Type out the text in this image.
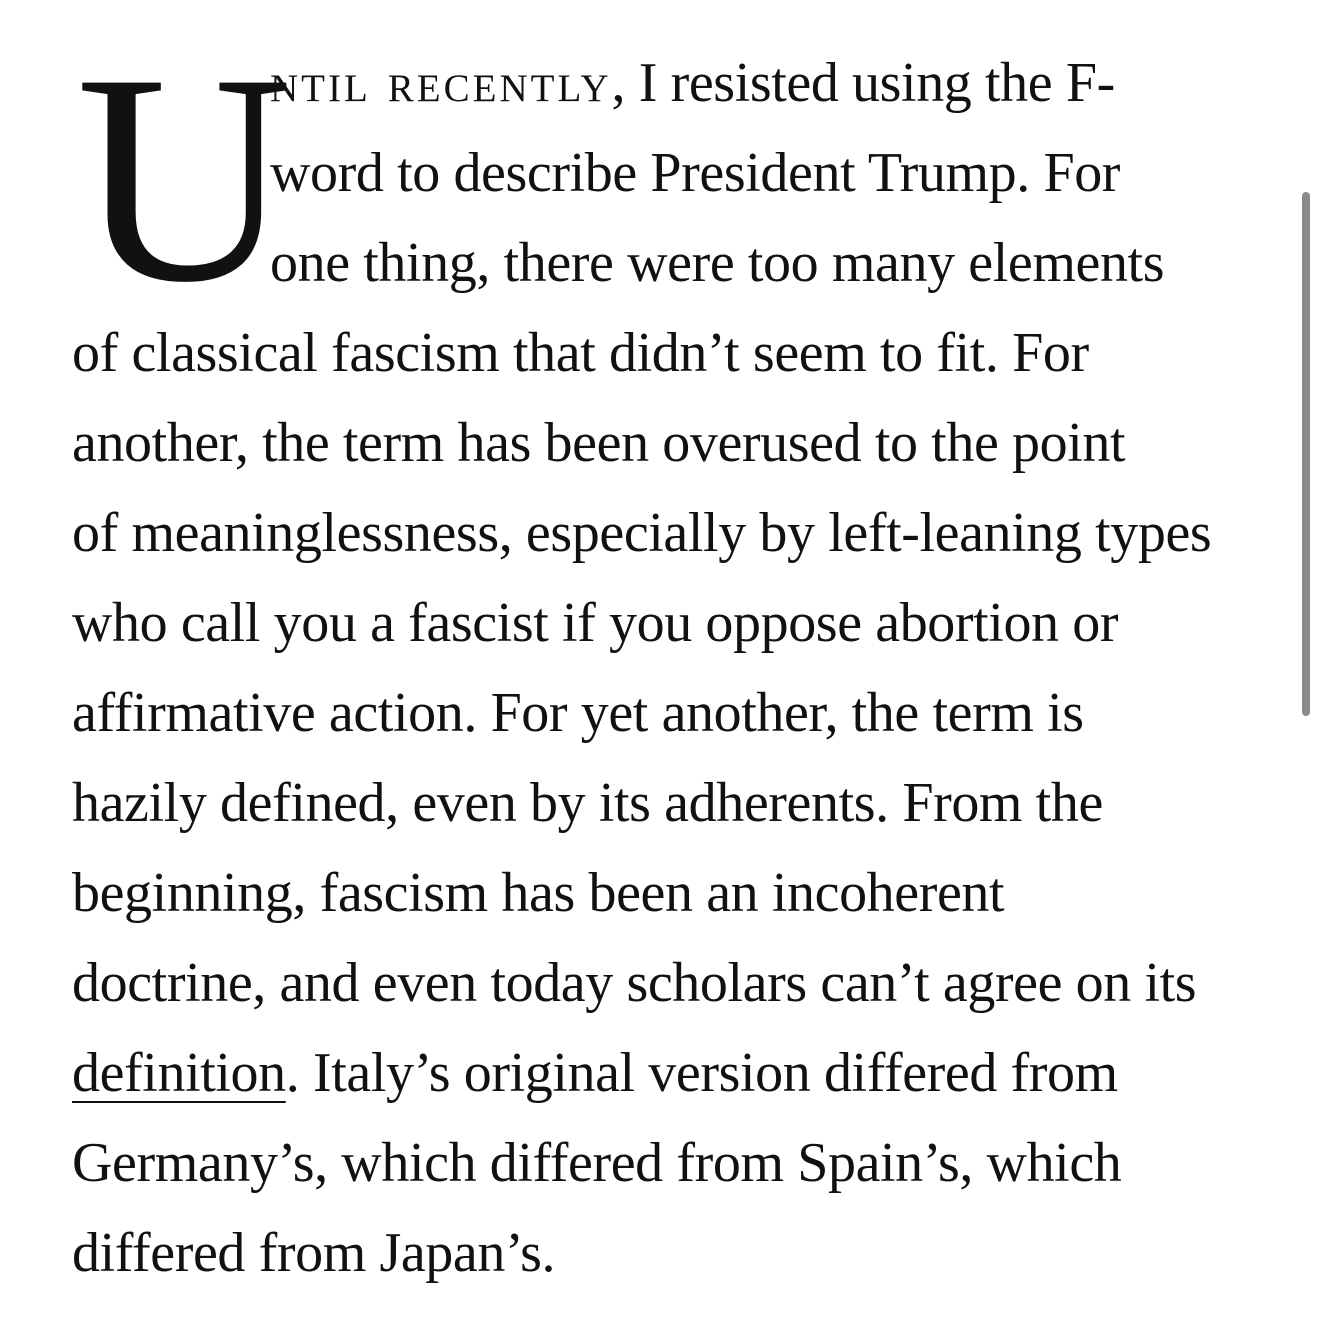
U
ntil recently, I resisted using the F-
word to describe President Trump. For
one thing, there were too many elements
of classical fascism that didn’t seem to fit. For
another, the term has been overused to the point
of meaninglessness, especially by left-leaning types
who call you a fascist if you oppose abortion or
affirmative action. For yet another, the term is
hazily defined, even by its adherents. From the
beginning, fascism has been an incoherent
doctrine, and even today scholars can’t agree on its
definition. Italy’s original version differed from
Germany’s, which differed from Spain’s, which
differed from Japan’s.
